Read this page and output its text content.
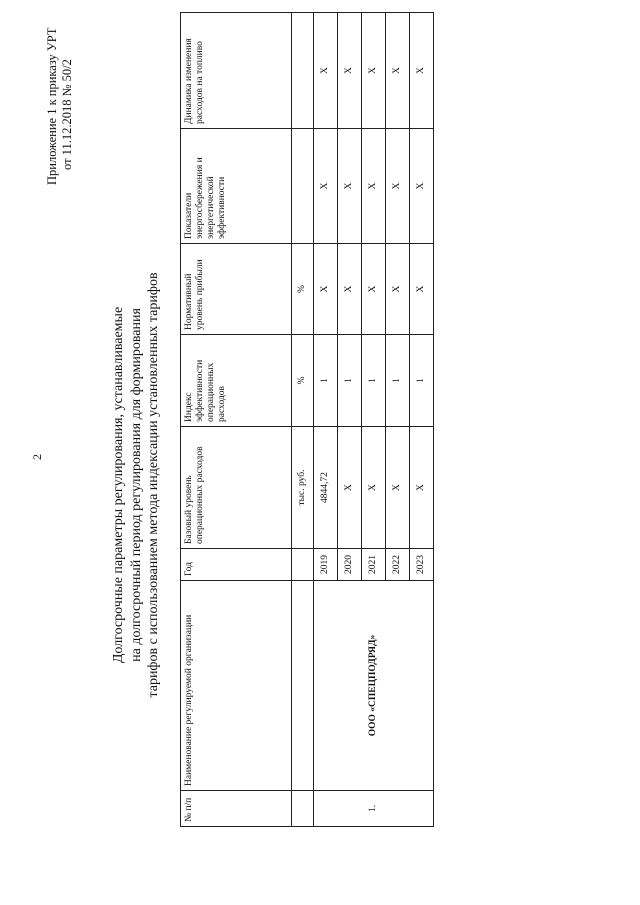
2
Приложение 1 к приказу УРТ от 11.12.2018 № 50/2
Долгосрочные параметры регулирования, устанавливаемые на долгосрочный период регулирования для формирования тарифов с использованием метода индексации установленных тарифов
№ п/п	Наименование регулируемой организации	Год	Базовый уровень операционных расходов	Индекс эффективности операционных расходов	Нормативный уровень прибыли	Показатели энергосбережения и энергетической эффективности	Динамика изменения расходов на топливо
			тыс. руб.	%	%		
1.	ООО «СПЕЦПОДРЯД»	2019	4844,72	1	Х	Х	Х
		2020	Х	1	Х	Х	Х
		2021	Х	1	Х	Х	Х
		2022	Х	1	Х	Х	Х
		2023	Х	1	Х	Х	Х
